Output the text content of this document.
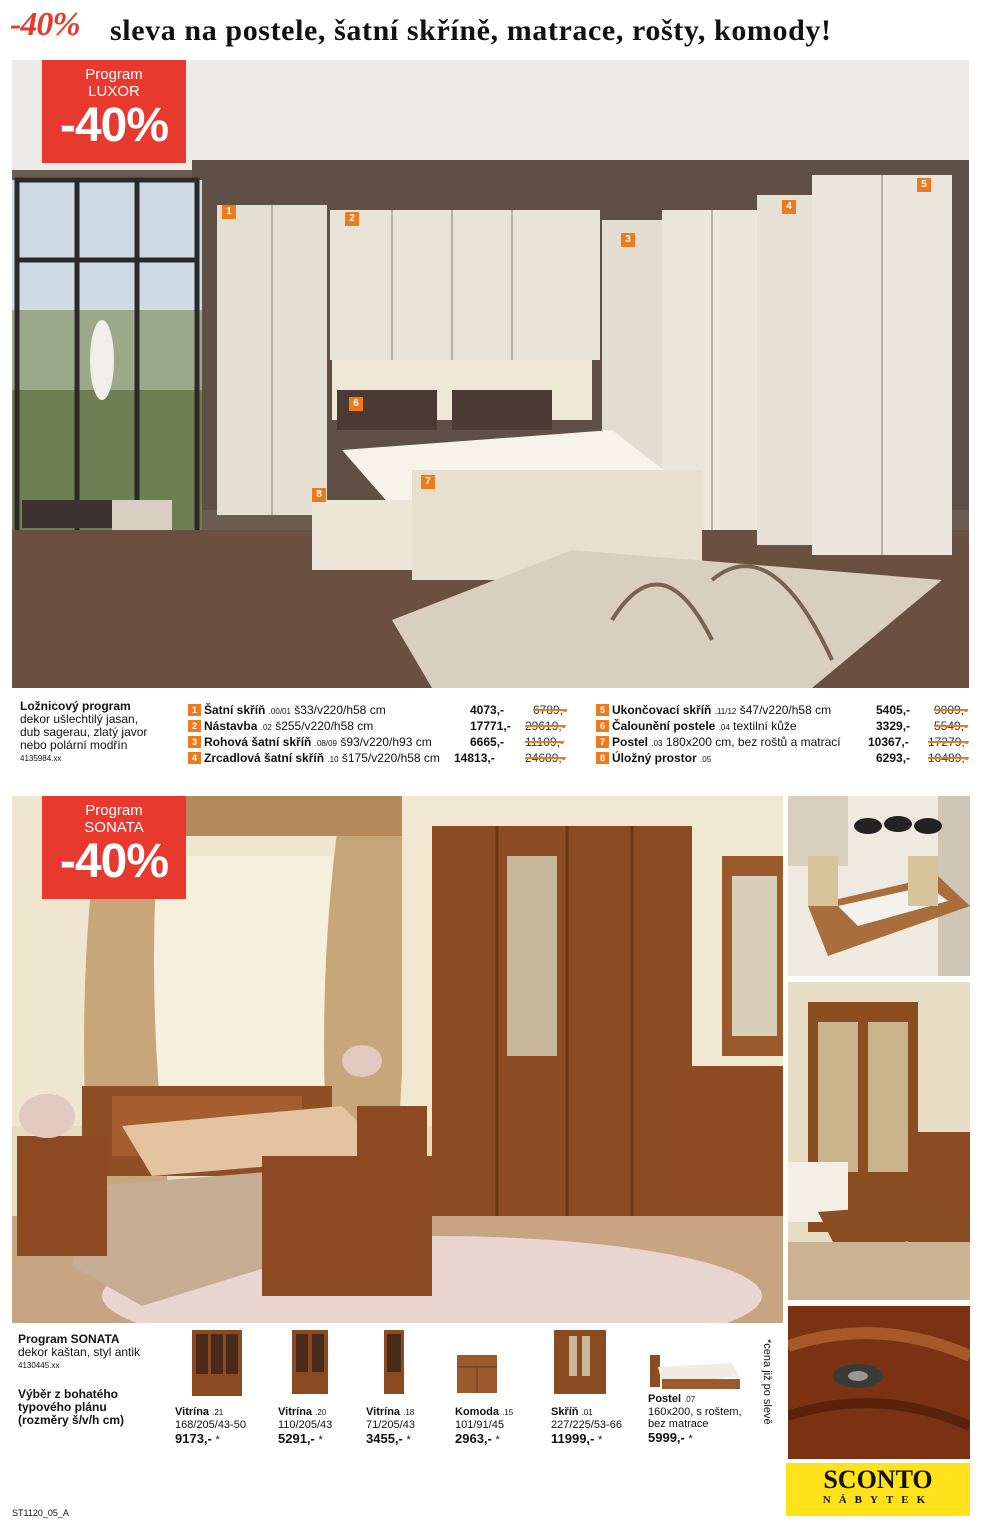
-40% sleva na postele, šatní skříně, matrace, rošty, komody!
Program
LUXOR
-40%
1
2
3
4
5
6
7
8
Ložnicový program
dekor ušlechtilý jasan,
dub sagerau, zlatý javor
nebo polární modřín
4135984.xx
1 Šatní skříň .00/01 š33/v220/h58 cm	4073,- 6789,-
2 Nástavba .02 š255/v220/h58 cm	17771,- 29619,-
3 Rohová šatní skříň .08/09 š93/v220/h93 cm	6665,- 11109,-
4 Zrcadlová šatní skříň .10 š175/v220/h58 cm 14813,-	24689,-
5 Ukončovací skříň .11/12 š47/v220/h58 cm	5405,- 9009,-
6 Čalounění postele .04 textilní kůže	3329,- 5549,-
7 Postel .03 180x200 cm, bez roštů a matrací 10367,- 17279,-
8 Úložný prostor .05	6293,- 10489,-
Program
SONATA
-40%
Program SONATA
dekor kaštan, styl antik
4130445.xx
Výběr z bohatého
typového plánu
(rozměry š/v/h cm)
Vitrína .21
168/205/43-50
9173,- *
Vitrína .20
110/205/43
5291,- *
Vitrína .18
71/205/43
3455,- *
Komoda .15
101/91/45
2963,- *
Skříň .01
227/225/53-66
11999,- *
Postel .07
160x200, s roštem,
bez matrace
5999,- *
*cena již po slevě
SCONTO
NÁBYTEK
ST1120_05_A
